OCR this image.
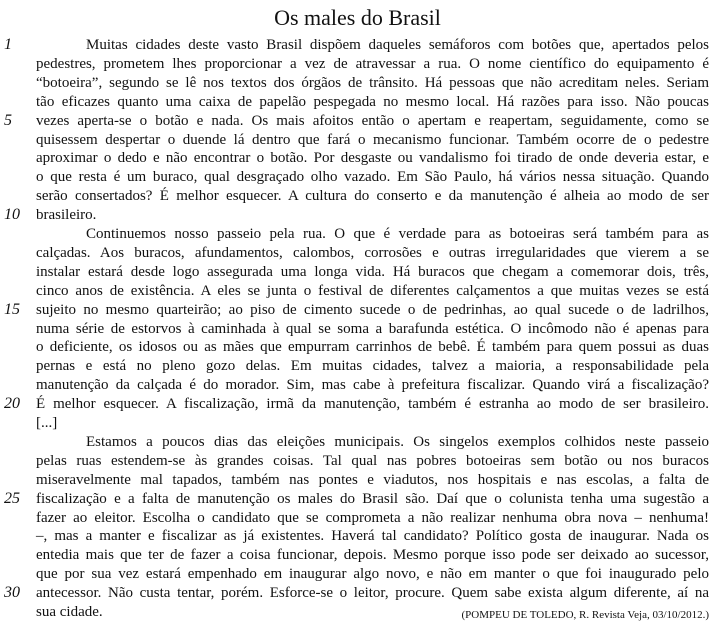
Os males do Brasil
1	Muitas cidades deste vasto Brasil dispõem daqueles semáforos com botões que, apertados pelos
pedestres, prometem lhes proporcionar a vez de atravessar a rua. O nome científico do equipamento é
“botoeira”, segundo se lê nos textos dos órgãos de trânsito. Há pessoas que não acreditam neles. Seriam
tão eficazes quanto uma caixa de papelão pespegada no mesmo local. Há razões para isso. Não poucas
5	vezes aperta-se o botão e nada. Os mais afoitos então o apertam e reapertam, seguidamente, como se
quisessem despertar o duende lá dentro que fará o mecanismo funcionar. Também ocorre de o pedestre
aproximar o dedo e não encontrar o botão. Por desgaste ou vandalismo foi tirado de onde deveria estar, e
o que resta é um buraco, qual desgraçado olho vazado. Em São Paulo, há vários nessa situação. Quando
serão consertados? É melhor esquecer. A cultura do conserto e da manutenção é alheia ao modo de ser
10	brasileiro.
Continuemos nosso passeio pela rua. O que é verdade para as botoeiras será também para as
calçadas. Aos buracos, afundamentos, calombos, corrosões e outras irregularidades que vierem a se
instalar estará desde logo assegurada uma longa vida. Há buracos que chegam a comemorar dois, três,
cinco anos de existência. A eles se junta o festival de diferentes calçamentos a que muitas vezes se está
15	sujeito no mesmo quarteirão; ao piso de cimento sucede o de pedrinhas, ao qual sucede o de ladrilhos,
numa série de estorvos à caminhada à qual se soma a barafunda estética. O incômodo não é apenas para
o deficiente, os idosos ou as mães que empurram carrinhos de bebê. É também para quem possui as duas
pernas e está no pleno gozo delas. Em muitas cidades, talvez a maioria, a responsabilidade pela
manutenção da calçada é do morador. Sim, mas cabe à prefeitura fiscalizar. Quando virá a fiscalização?
20	É melhor esquecer. A fiscalização, irmã da manutenção, também é estranha ao modo de ser brasileiro.
[...]
Estamos a poucos dias das eleições municipais. Os singelos exemplos colhidos neste passeio
pelas ruas estendem-se às grandes coisas. Tal qual nas pobres botoeiras sem botão ou nos buracos
miseravelmente mal tapados, também nas pontes e viadutos, nos hospitais e nas escolas, a falta de
25	fiscalização e a falta de manutenção os males do Brasil são. Daí que o colunista tenha uma sugestão a
fazer ao eleitor. Escolha o candidato que se comprometa a não realizar nenhuma obra nova – nenhuma!
–, mas a manter e fiscalizar as já existentes. Haverá tal candidato? Político gosta de inaugurar. Nada os
entedia mais que ter de fazer a coisa funcionar, depois. Mesmo porque isso pode ser deixado ao sucessor,
que por sua vez estará empenhado em inaugurar algo novo, e não em manter o que foi inaugurado pelo
30	antecessor. Não custa tentar, porém. Esforce-se o leitor, procure. Quem sabe exista algum diferente, aí na
sua cidade.	(POMPEU DE TOLEDO, R. Revista Veja, 03/10/2012.)
